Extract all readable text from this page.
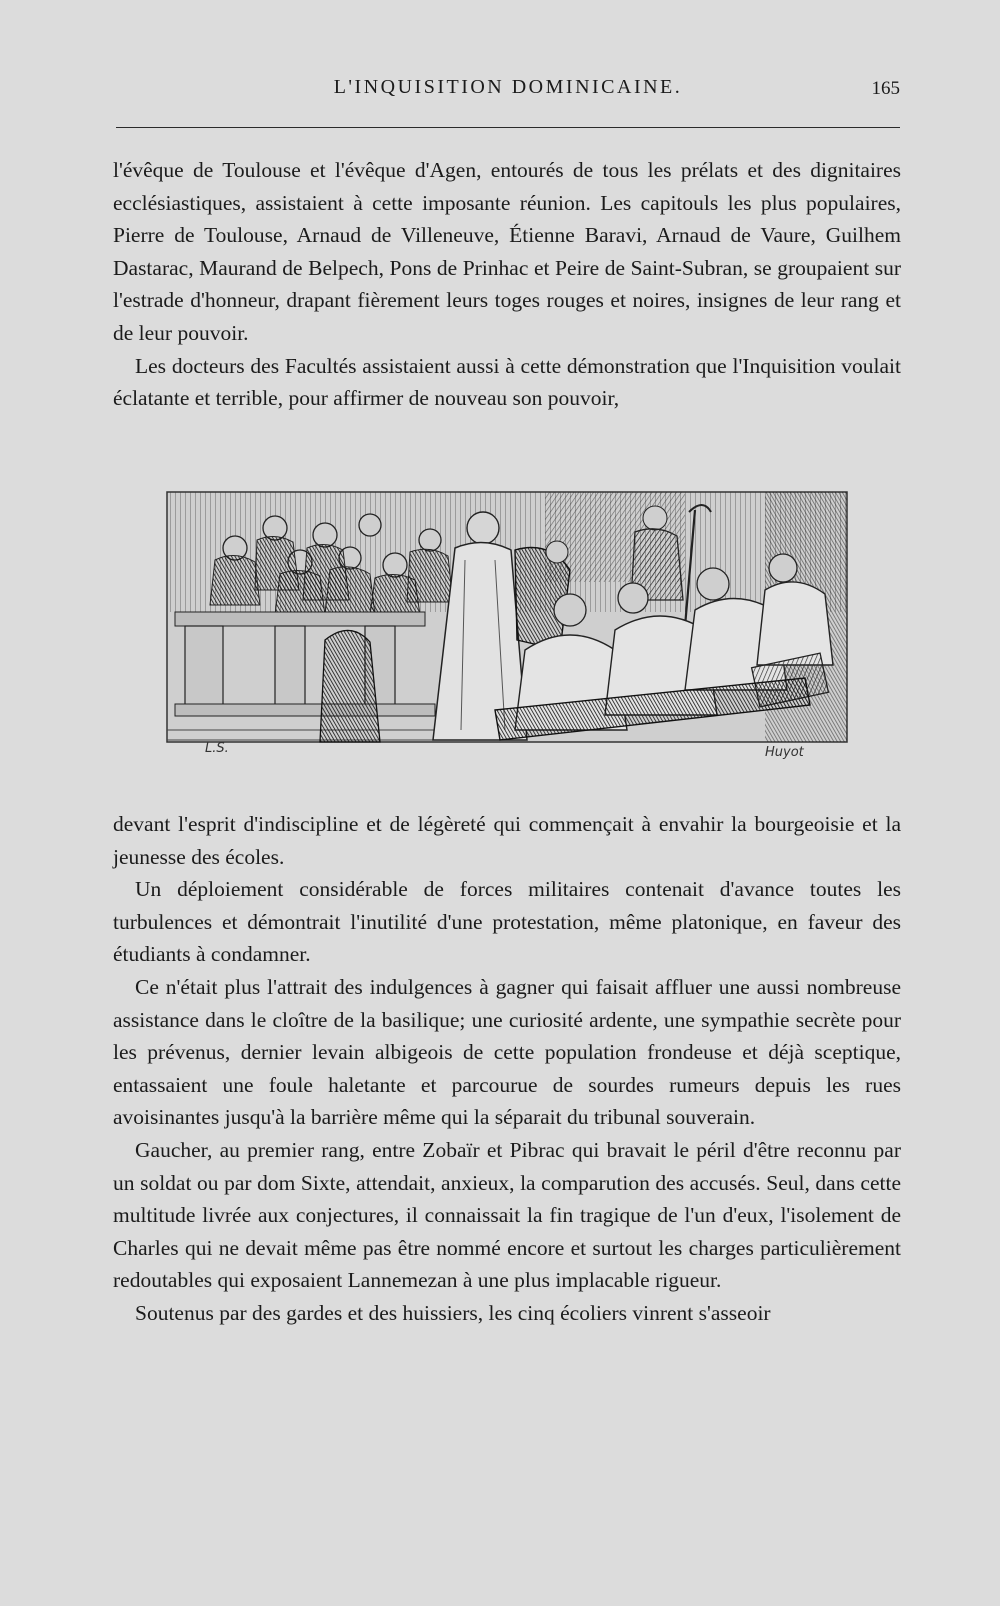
L'INQUISITION DOMINICAINE.	165

l'évêque de Toulouse et l'évêque d'Agen, entourés de tous les prélats et des dignitaires ecclésiastiques, assistaient à cette imposante réunion. Les capitouls les plus populaires, Pierre de Toulouse, Arnaud de Villeneuve, Étienne Baravi, Arnaud de Vaure, Guilhem Dastarac, Maurand de Belpech, Pons de Prinhac et Peire de Saint-Subran, se groupaient sur l'estrade d'honneur, drapant fièrement leurs toges rouges et noires, insignes de leur rang et de leur pouvoir.

Les docteurs des Facultés assistaient aussi à cette démonstration que l'Inquisition voulait éclatante et terrible, pour affirmer de nouveau son pouvoir,

L.S.	Huyot

devant l'esprit d'indiscipline et de légèreté qui commençait à envahir la bourgeoisie et la jeunesse des écoles.

Un déploiement considérable de forces militaires contenait d'avance toutes les turbulences et démontrait l'inutilité d'une protestation, même platonique, en faveur des étudiants à condamner.

Ce n'était plus l'attrait des indulgences à gagner qui faisait affluer une aussi nombreuse assistance dans le cloître de la basilique; une curiosité ardente, une sympathie secrète pour les prévenus, dernier levain albigeois de cette population frondeuse et déjà sceptique, entassaient une foule haletante et parcourue de sourdes rumeurs depuis les rues avoisinantes jusqu'à la barrière même qui la séparait du tribunal souverain.

Gaucher, au premier rang, entre Zobaïr et Pibrac qui bravait le péril d'être reconnu par un soldat ou par dom Sixte, attendait, anxieux, la comparution des accusés. Seul, dans cette multitude livrée aux conjectures, il connaissait la fin tragique de l'un d'eux, l'isolement de Charles qui ne devait même pas être nommé encore et surtout les charges particulièrement redoutables qui exposaient Lannemezan à une plus implacable rigueur.

Soutenus par des gardes et des huissiers, les cinq écoliers vinrent s'asseoir
